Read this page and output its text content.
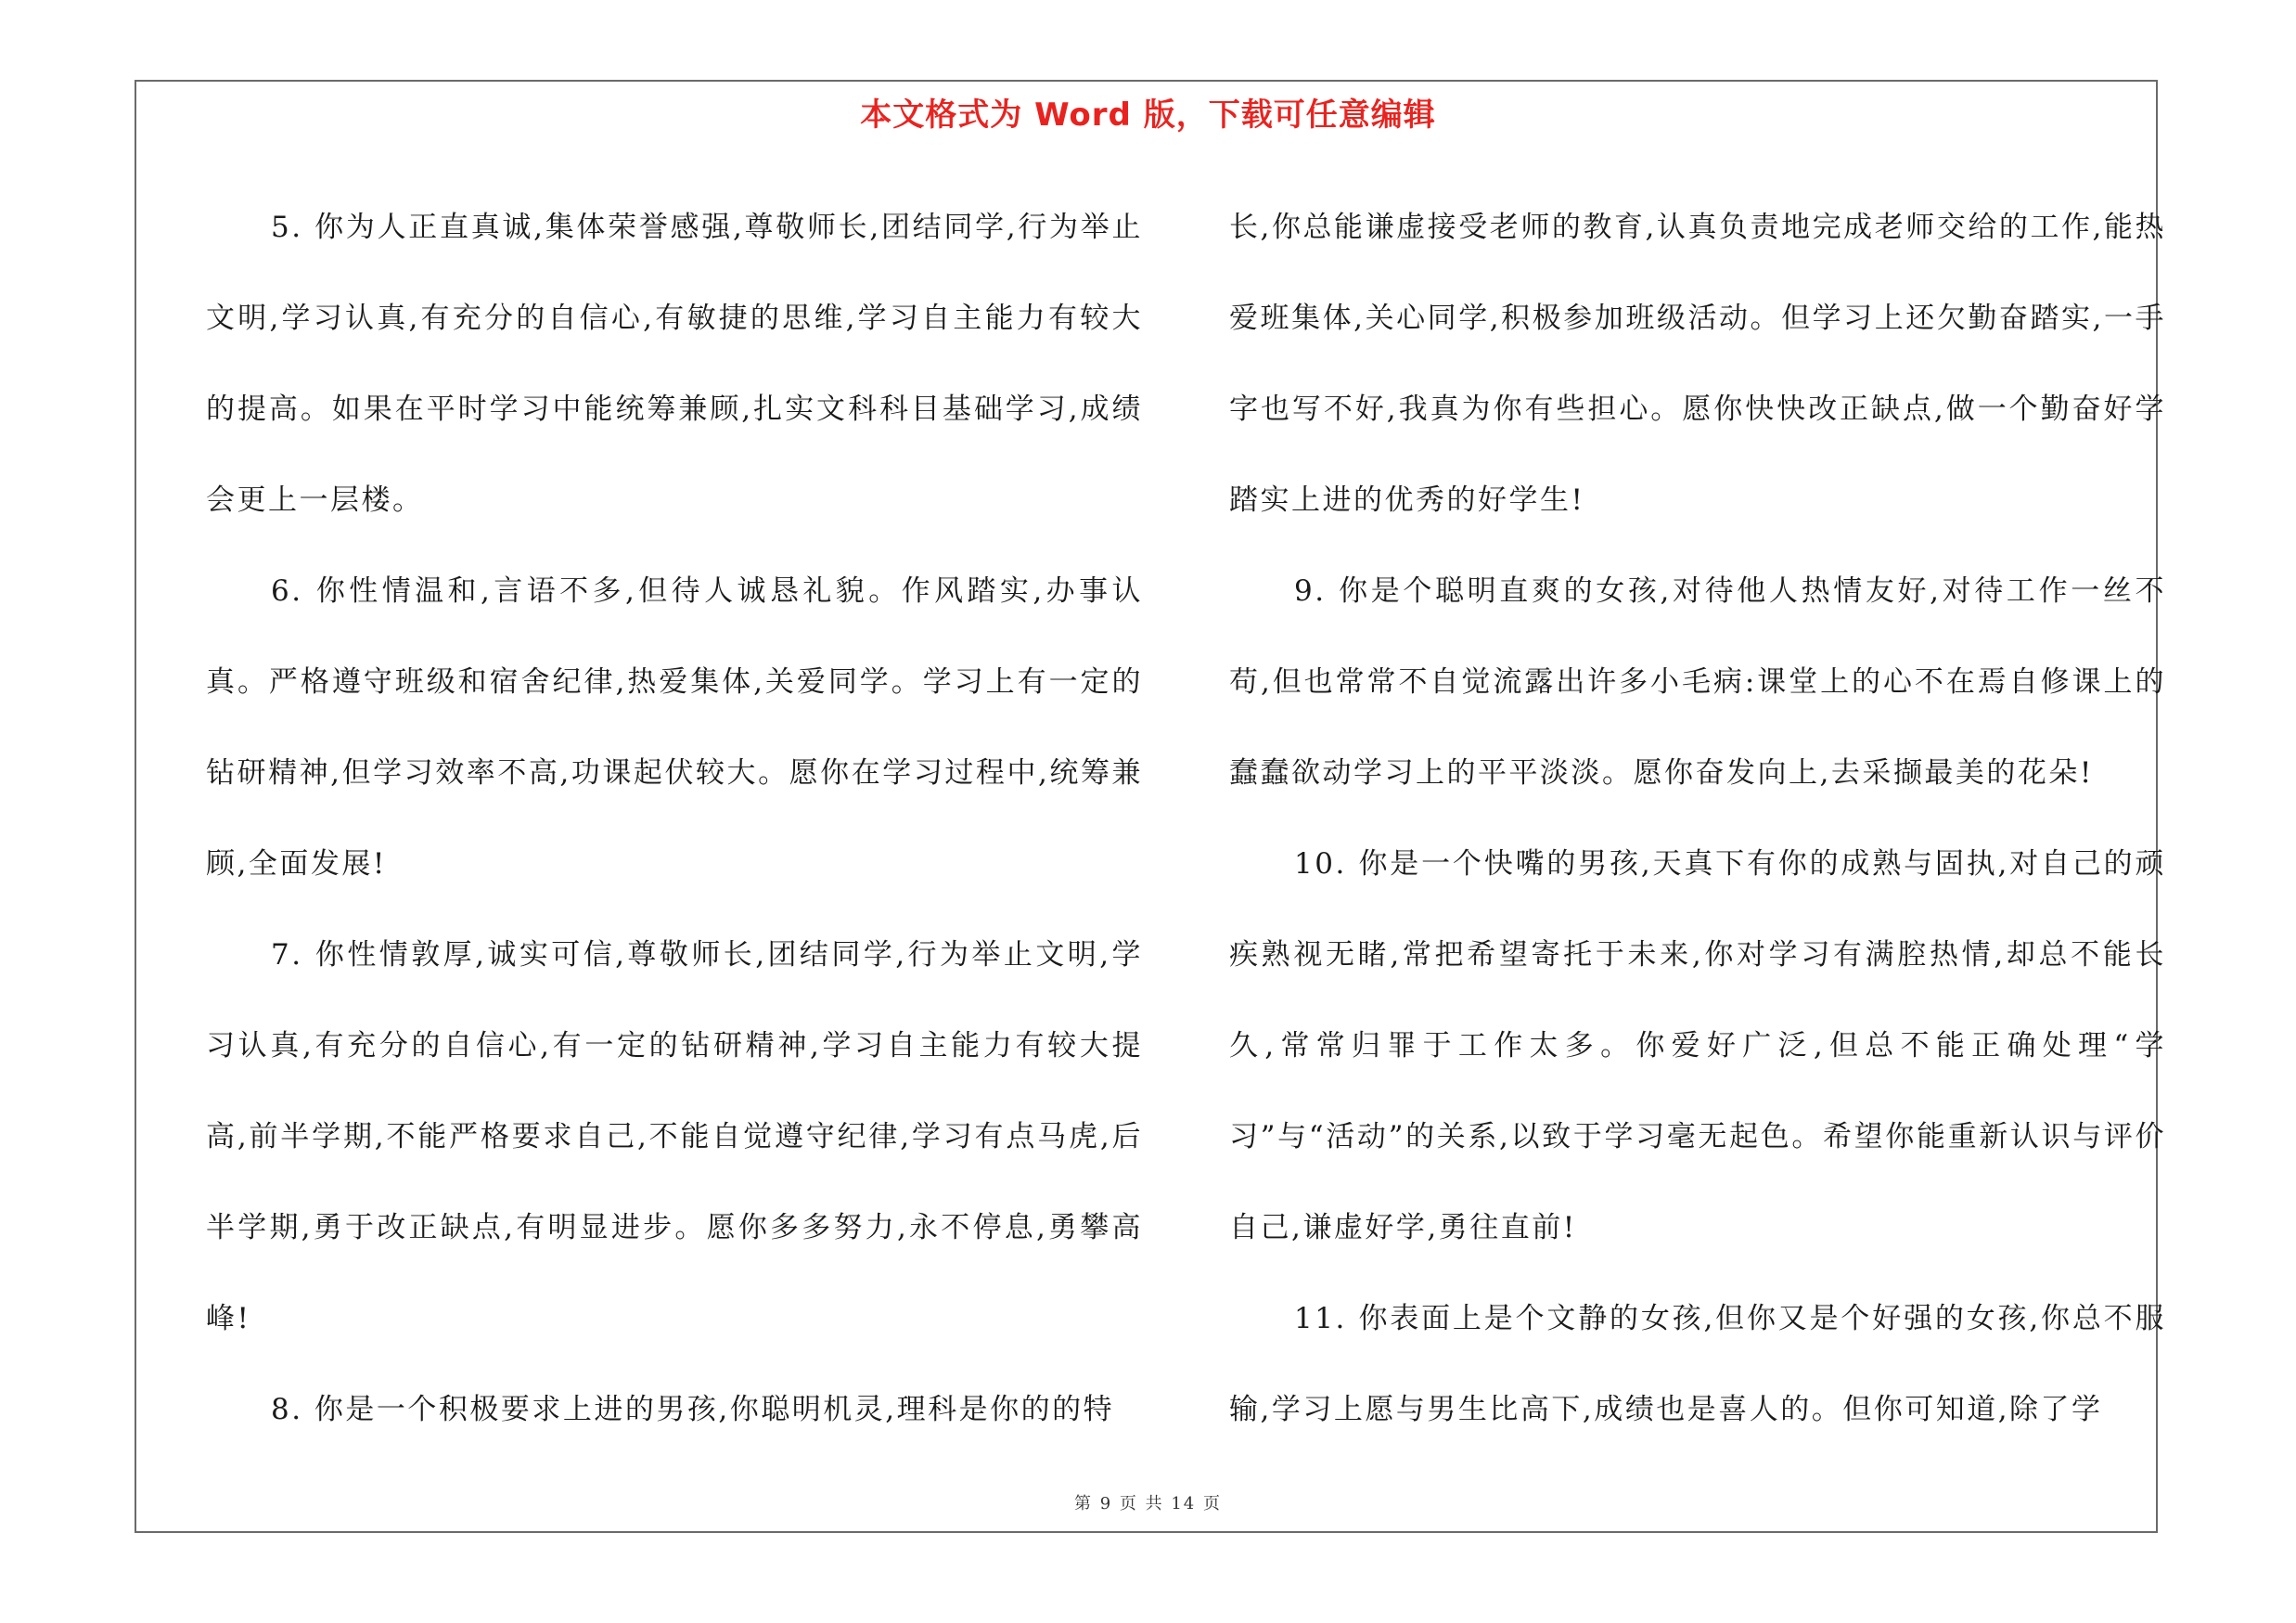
本文格式为 Word 版，下载可任意编辑

5. 你为人正直真诚,集体荣誉感强,尊敬师长,团结同学,行为举止文明,学习认真,有充分的自信心,有敏捷的思维,学习自主能力有较大的提高。如果在平时学习中能统筹兼顾,扎实文科科目基础学习,成绩会更上一层楼。

6. 你性情温和,言语不多,但待人诚恳礼貌。作风踏实,办事认真。严格遵守班级和宿舍纪律,热爱集体,关爱同学。学习上有一定的钻研精神,但学习效率不高,功课起伏较大。愿你在学习过程中,统筹兼顾,全面发展!

7. 你性情敦厚,诚实可信,尊敬师长,团结同学,行为举止文明,学习认真,有充分的自信心,有一定的钻研精神,学习自主能力有较大提高,前半学期,不能严格要求自己,不能自觉遵守纪律,学习有点马虎,后半学期,勇于改正缺点,有明显进步。愿你多多努力,永不停息,勇攀高峰!

8. 你是一个积极要求上进的男孩,你聪明机灵,理科是你的的特

长,你总能谦虚接受老师的教育,认真负责地完成老师交给的工作,能热爱班集体,关心同学,积极参加班级活动。但学习上还欠勤奋踏实,一手字也写不好,我真为你有些担心。愿你快快改正缺点,做一个勤奋好学踏实上进的优秀的好学生!

9. 你是个聪明直爽的女孩,对待他人热情友好,对待工作一丝不苟,但也常常不自觉流露出许多小毛病:课堂上的心不在焉自修课上的蠢蠢欲动学习上的平平淡淡。愿你奋发向上,去采撷最美的花朵!

10. 你是一个快嘴的男孩,天真下有你的成熟与固执,对自己的顽疾熟视无睹,常把希望寄托于未来,你对学习有满腔热情,却总不能长久,常常归罪于工作太多。你爱好广泛,但总不能正确处理“学习”与“活动”的关系,以致于学习毫无起色。希望你能重新认识与评价自己,谦虚好学,勇往直前!

11. 你表面上是个文静的女孩,但你又是个好强的女孩,你总不服输,学习上愿与男生比高下,成绩也是喜人的。但你可知道,除了学

第 9 页 共 14 页
